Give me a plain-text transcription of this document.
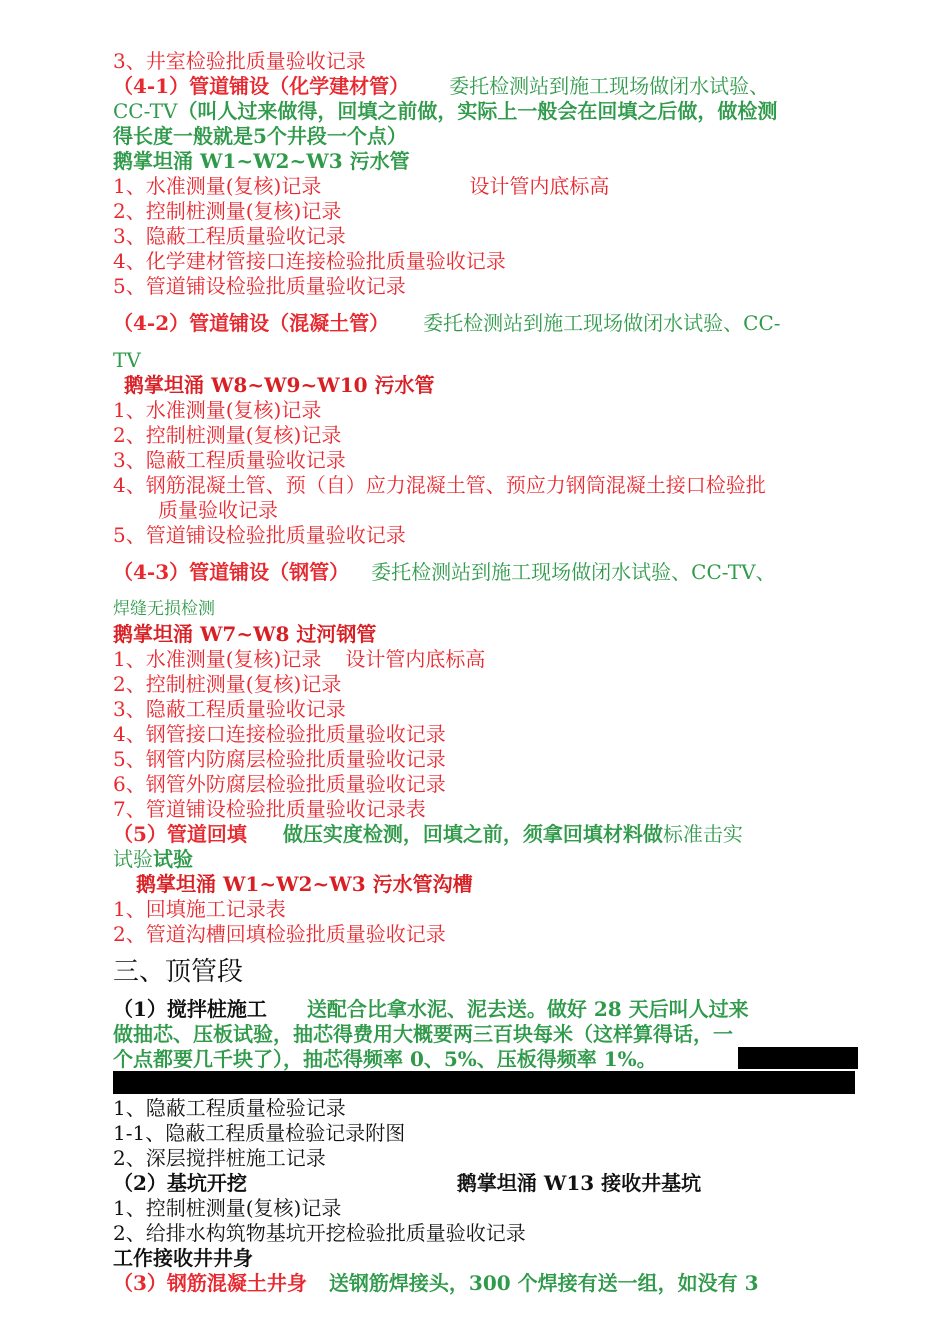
3、井室检验批质量验收记录
（4-1）管道铺设（化学建材管） 委托检测站到施工现场做闭水试验、
CC-TV（叫人过来做得，回填之前做，实际上一般会在回填之后做，做检测
得长度一般就是5个井段一个点）
鹅掌坦涌 W1~W2~W3 污水管
1、水准测量(复核)记录	设计管内底标高
2、控制桩测量(复核)记录
3、隐蔽工程质量验收记录
4、化学建材管接口连接检验批质量验收记录
5、管道铺设检验批质量验收记录
（4-2）管道铺设（混凝土管） 委托检测站到施工现场做闭水试验、CC-
TV
鹅掌坦涌 W8~W9~W10 污水管
1、水准测量(复核)记录
2、控制桩测量(复核)记录
3、隐蔽工程质量验收记录
4、钢筋混凝土管、预（自）应力混凝土管、预应力钢筒混凝土接口检验批
质量验收记录
5、管道铺设检验批质量验收记录
（4-3）管道铺设（钢管） 委托检测站到施工现场做闭水试验、CC-TV、
焊缝无损检测
鹅掌坦涌 W7~W8 过河钢管
1、水准测量(复核)记录 设计管内底标高
2、控制桩测量(复核)记录
3、隐蔽工程质量验收记录
4、钢管接口连接检验批质量验收记录
5、钢管内防腐层检验批质量验收记录
6、钢管外防腐层检验批质量验收记录
7、管道铺设检验批质量验收记录表
（5）管道回填 做压实度检测，回填之前，须拿回填材料做标准击实
试验试验
鹅掌坦涌 W1~W2~W3 污水管沟槽
1、回填施工记录表
2、管道沟槽回填检验批质量验收记录
三、顶管段
（1）搅拌桩施工 送配合比拿水泥、泥去送。做好 28 天后叫人过来
做抽芯、压板试验，抽芯得费用大概要两三百块每米（这样算得话，一
个点都要几千块了），抽芯得频率 0、5%、压板得频率 1%。
1、隐蔽工程质量检验记录
1-1、隐蔽工程质量检验记录附图
2、深层搅拌桩施工记录
（2）基坑开挖	鹅掌坦涌 W13 接收井基坑
1、控制桩测量(复核)记录
2、给排水构筑物基坑开挖检验批质量验收记录
工作接收井井身
（3）钢筋混凝土井身 送钢筋焊接头，300 个焊接有送一组，如没有 3
